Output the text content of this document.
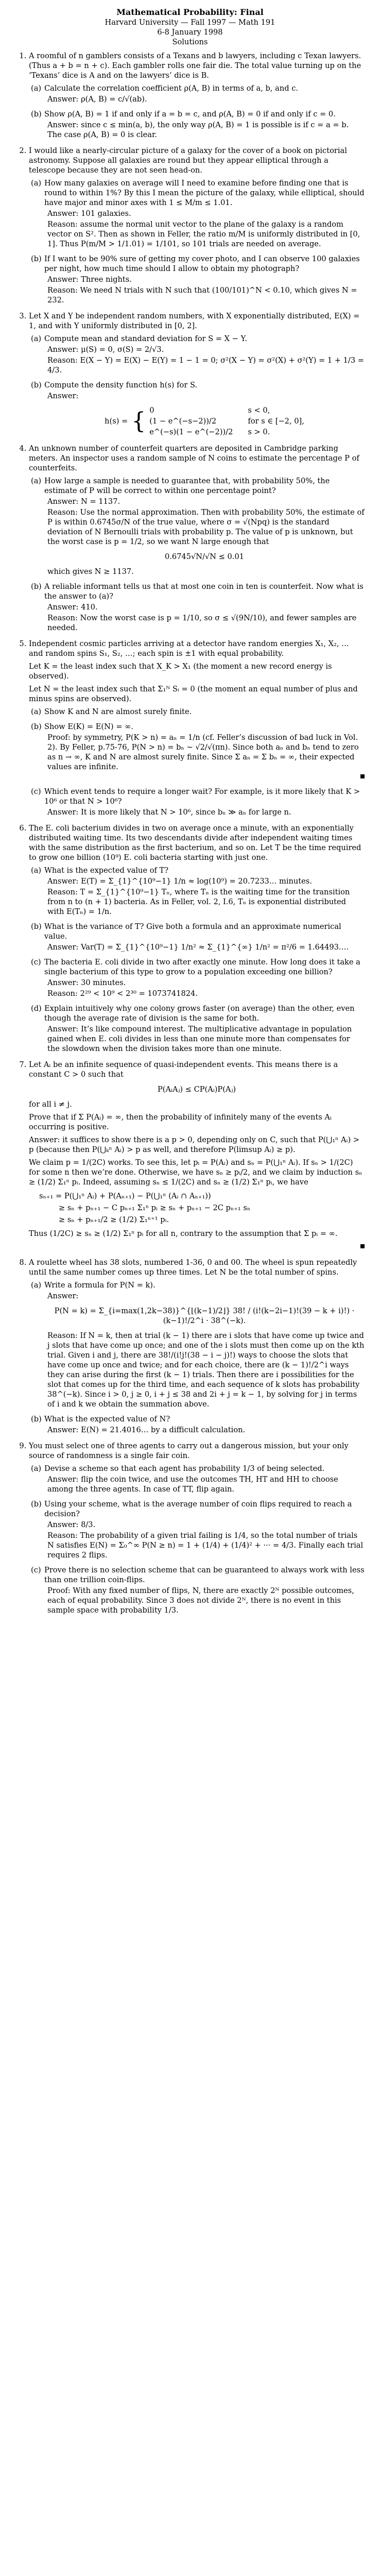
Mathematical Probability: Final
Harvard University — Fall 1997 — Math 191
6-8 January 1998
Solutions
1. A roomful of n gamblers consists of a Texans and b lawyers, including c Texan lawyers. (Thus a + b = n + c). Each gambler rolls one fair die. The total value turning up on the ‘Texans’ dice is A and on the lawyers’ dice is B.
(a) Calculate the correlation coefficient ρ(A, B) in terms of a, b, and c.
Answer: ρ(A, B) = c/√(ab).
(b) Show ρ(A, B) = 1 if and only if a = b = c, and ρ(A, B) = 0 if and only if c = 0.
Answer: since c ≤ min(a, b), the only way ρ(A, B) = 1 is possible is if c = a = b. The case ρ(A, B) = 0 is clear.
2. I would like a nearly-circular picture of a galaxy for the cover of a book on pictorial astronomy. Suppose all galaxies are round but they appear elliptical through a telescope because they are not seen head-on.
(a) How many galaxies on average will I need to examine before finding one that is round to within 1%? By this I mean the picture of the galaxy, while elliptical, should have major and minor axes with 1 ≤ M/m ≤ 1.01.
Answer: 101 galaxies.
Reason: assume the normal unit vector to the plane of the galaxy is a random vector on S². Then as shown in Feller, the ratio m/M is uniformly distributed in [0, 1]. Thus P(m/M > 1/1.01) = 1/101, so 101 trials are needed on average.
(b) If I want to be 90% sure of getting my cover photo, and I can observe 100 galaxies per night, how much time should I allow to obtain my photograph?
Answer: Three nights.
Reason: We need N trials with N such that (100/101)^N < 0.10, which gives N = 232.
3. Let X and Y be independent random numbers, with X exponentially distributed, E(X) = 1, and with Y uniformly distributed in [0, 2].
(a) Compute mean and standard deviation for S = X − Y.
Answer: μ(S) = 0, σ(S) = 2/√3.
Reason: E(X − Y) = E(X) − E(Y) = 1 − 1 = 0; σ²(X − Y) = σ²(X) + σ²(Y) = 1 + 1/3 = 4/3.
(b) Compute the density function h(s) for S.
Answer:
h(s) =	{	0	s < 0,
		(1 − e^(−s−2))/2	for s ∈ [−2, 0],
		e^(−s)(1 − e^(−2))/2	s > 0.
4. An unknown number of counterfeit quarters are deposited in Cambridge parking meters. An inspector uses a random sample of N coins to estimate the percentage P of counterfeits.
(a) How large a sample is needed to guarantee that, with probability 50%, the estimate of P will be correct to within one percentage point?
Answer: N = 1137.
Reason: Use the normal approximation. Then with probability 50%, the estimate of P is within 0.6745σ/N of the true value, where σ = √(Npq) is the standard deviation of N Bernoulli trials with probability p. The value of p is unknown, but the worst case is p = 1/2, so we want N large enough that
0.6745√N/√N ≤ 0.01
which gives N ≥ 1137.
(b) A reliable informant tells us that at most one coin in ten is counterfeit. Now what is the answer to (a)?
Answer: 410.
Reason: Now the worst case is p = 1/10, so σ ≤ √(9N/10), and fewer samples are needed.
5. Independent cosmic particles arriving at a detector have random energies X₁, X₂, … and random spins S₁, S₂, …; each spin is ±1 with equal probability.

Let K = the least index such that X_K > X₁ (the moment a new record energy is observed).

Let N = the least index such that Σ₁ᴺ Sᵢ = 0 (the moment an equal number of plus and minus spins are observed).

(a) Show K and N are almost surely finite.
(b) Show E(K) = E(N) = ∞.
Proof: by symmetry, P(K > n) = aₙ = 1/n (cf. Feller’s discussion of bad luck in Vol. 2). By Feller, p.75-76, P(N > n) = bₙ ~ √2/√(πn). Since both aₙ and bₙ tend to zero as n → ∞, K and N are almost surely finite. Since Σ aₙ = Σ bₙ = ∞, their expected values are infinite.
(c) Which event tends to require a longer wait? For example, is it more likely that K > 10⁶ or that N > 10⁶?
Answer: It is more likely that N > 10⁶, since bₙ ≫ aₙ for large n.
6. The E. coli bacterium divides in two on average once a minute, with an exponentially distributed waiting time. Its two descendants divide after independent waiting times with the same distribution as the first bacterium, and so on. Let T be the time required to grow one billion (10⁹) E. coli bacteria starting with just one.
(a) What is the expected value of T?
Answer: E(T) = Σ_{1}^{10⁹−1} 1/n ≈ log(10⁹) = 20.7233… minutes.
Reason: T = Σ_{1}^{10⁹−1} Tₙ, where Tₙ is the waiting time for the transition from n to (n + 1) bacteria. As in Feller, vol. 2, I.6, Tₙ is exponential distributed with E(Tₙ) = 1/n.
(b) What is the variance of T? Give both a formula and an approximate numerical value.
Answer: Var(T) = Σ_{1}^{10⁹−1} 1/n² ≈ Σ_{1}^{∞} 1/n² = π²/6 = 1.64493….
(c) The bacteria E. coli divide in two after exactly one minute. How long does it take a single bacterium of this type to grow to a population exceeding one billion?
Answer: 30 minutes.
Reason: 2²⁹ < 10⁹ < 2³⁰ = 1073741824.
(d) Explain intuitively why one colony grows faster (on average) than the other, even though the average rate of division is the same for both.
Answer: It’s like compound interest. The multiplicative advantage in population gained when E. coli divides in less than one minute more than compensates for the slowdown when the division takes more than one minute.
7. Let Aᵢ be an infinite sequence of quasi-independent events. This means there is a constant C > 0 such that
P(AᵢAⱼ) ≤ CP(Aᵢ)P(Aⱼ)

for all i ≠ j.

Prove that if Σ P(Aᵢ) = ∞, then the probability of infinitely many of the events Aᵢ occurring is positive.

Answer: it suffices to show there is a p > 0, depending only on C, such that P(⋃₁ⁿ Aᵢ) > p (because then P(⋃ₖⁿ Aᵢ) > p as well, and therefore P(limsup Aᵢ) ≥ p).

We claim p = 1/(2C) works. To see this, let pᵢ = P(Aᵢ) and sₙ = P(⋃₁ⁿ Aᵢ). If sₙ > 1/(2C) for some n then we’re done. Otherwise, we have sₙ ≥ pᵢ/2, and we claim by induction sₙ ≥ (1/2) Σ₁ⁿ pᵢ. Indeed, assuming sₙ ≤ 1/(2C) and sₙ ≥ (1/2) Σ₁ⁿ pᵢ, we have

sₙ₊₁ = P(⋃₁ⁿ Aᵢ) + P(Aₙ₊₁) − P(⋃₁ⁿ (Aᵢ ∩ Aₙ₊₁))
≥ sₙ + pₙ₊₁ − C pₙ₊₁ Σ₁ⁿ pᵢ ≥ sₙ + pₙ₊₁ − 2C pₙ₊₁ sₙ
≥ sₙ + pₙ₊₁/2 ≥ (1/2) Σ₁ⁿ⁺¹ pᵢ.

Thus (1/2C) ≥ sₙ ≥ (1/2) Σ₁ⁿ pᵢ for all n, contrary to the assumption that Σ pᵢ = ∞.

8. A roulette wheel has 38 slots, numbered 1-36, 0 and 00. The wheel is spun repeatedly until the same number comes up three times. Let N be the total number of spins.
(a) Write a formula for P(N = k).
Answer:
P(N = k) = Σ_{i=max(1,2k−38)}^{⌊(k−1)/2⌋} 38! / (i!(k−2i−1)!(39 − k + i)!) · (k−1)!/2^i · 38^(−k).
Reason: If N = k, then at trial (k − 1) there are i slots that have come up twice and j slots that have come up once; and one of the i slots must then come up on the kth trial. Given i and j, there are 38!/(i!j!(38 − i − j)!) ways to choose the slots that have come up once and twice; and for each choice, there are (k − 1)!/2^i ways they can arise during the first (k − 1) trials. Then there are i possibilities for the slot that comes up for the third time, and each sequence of k slots has probability 38^(−k). Since i > 0, j ≥ 0, i + j ≤ 38 and 2i + j = k − 1, by solving for j in terms of i and k we obtain the summation above.
(b) What is the expected value of N?
Answer: E(N) = 21.4016… by a difficult calculation.
9. You must select one of three agents to carry out a dangerous mission, but your only source of randomness is a single fair coin.
(a) Devise a scheme so that each agent has probability 1/3 of being selected.
Answer: flip the coin twice, and use the outcomes TH, HT and HH to choose among the three agents. In case of TT, flip again.
(b) Using your scheme, what is the average number of coin flips required to reach a decision?
Answer: 8/3.
Reason: The probability of a given trial failing is 1/4, so the total number of trials N satisfies E(N) = Σ₀^∞ P(N ≥ n) = 1 + (1/4) + (1/4)² + ··· = 4/3. Finally each trial requires 2 flips.
(c) Prove there is no selection scheme that can be guaranteed to always work with less than one trillion coin-flips.
Proof: With any fixed number of flips, N, there are exactly 2ᴺ possible outcomes, each of equal probability. Since 3 does not divide 2ᴺ, there is no event in this sample space with probability 1/3.
